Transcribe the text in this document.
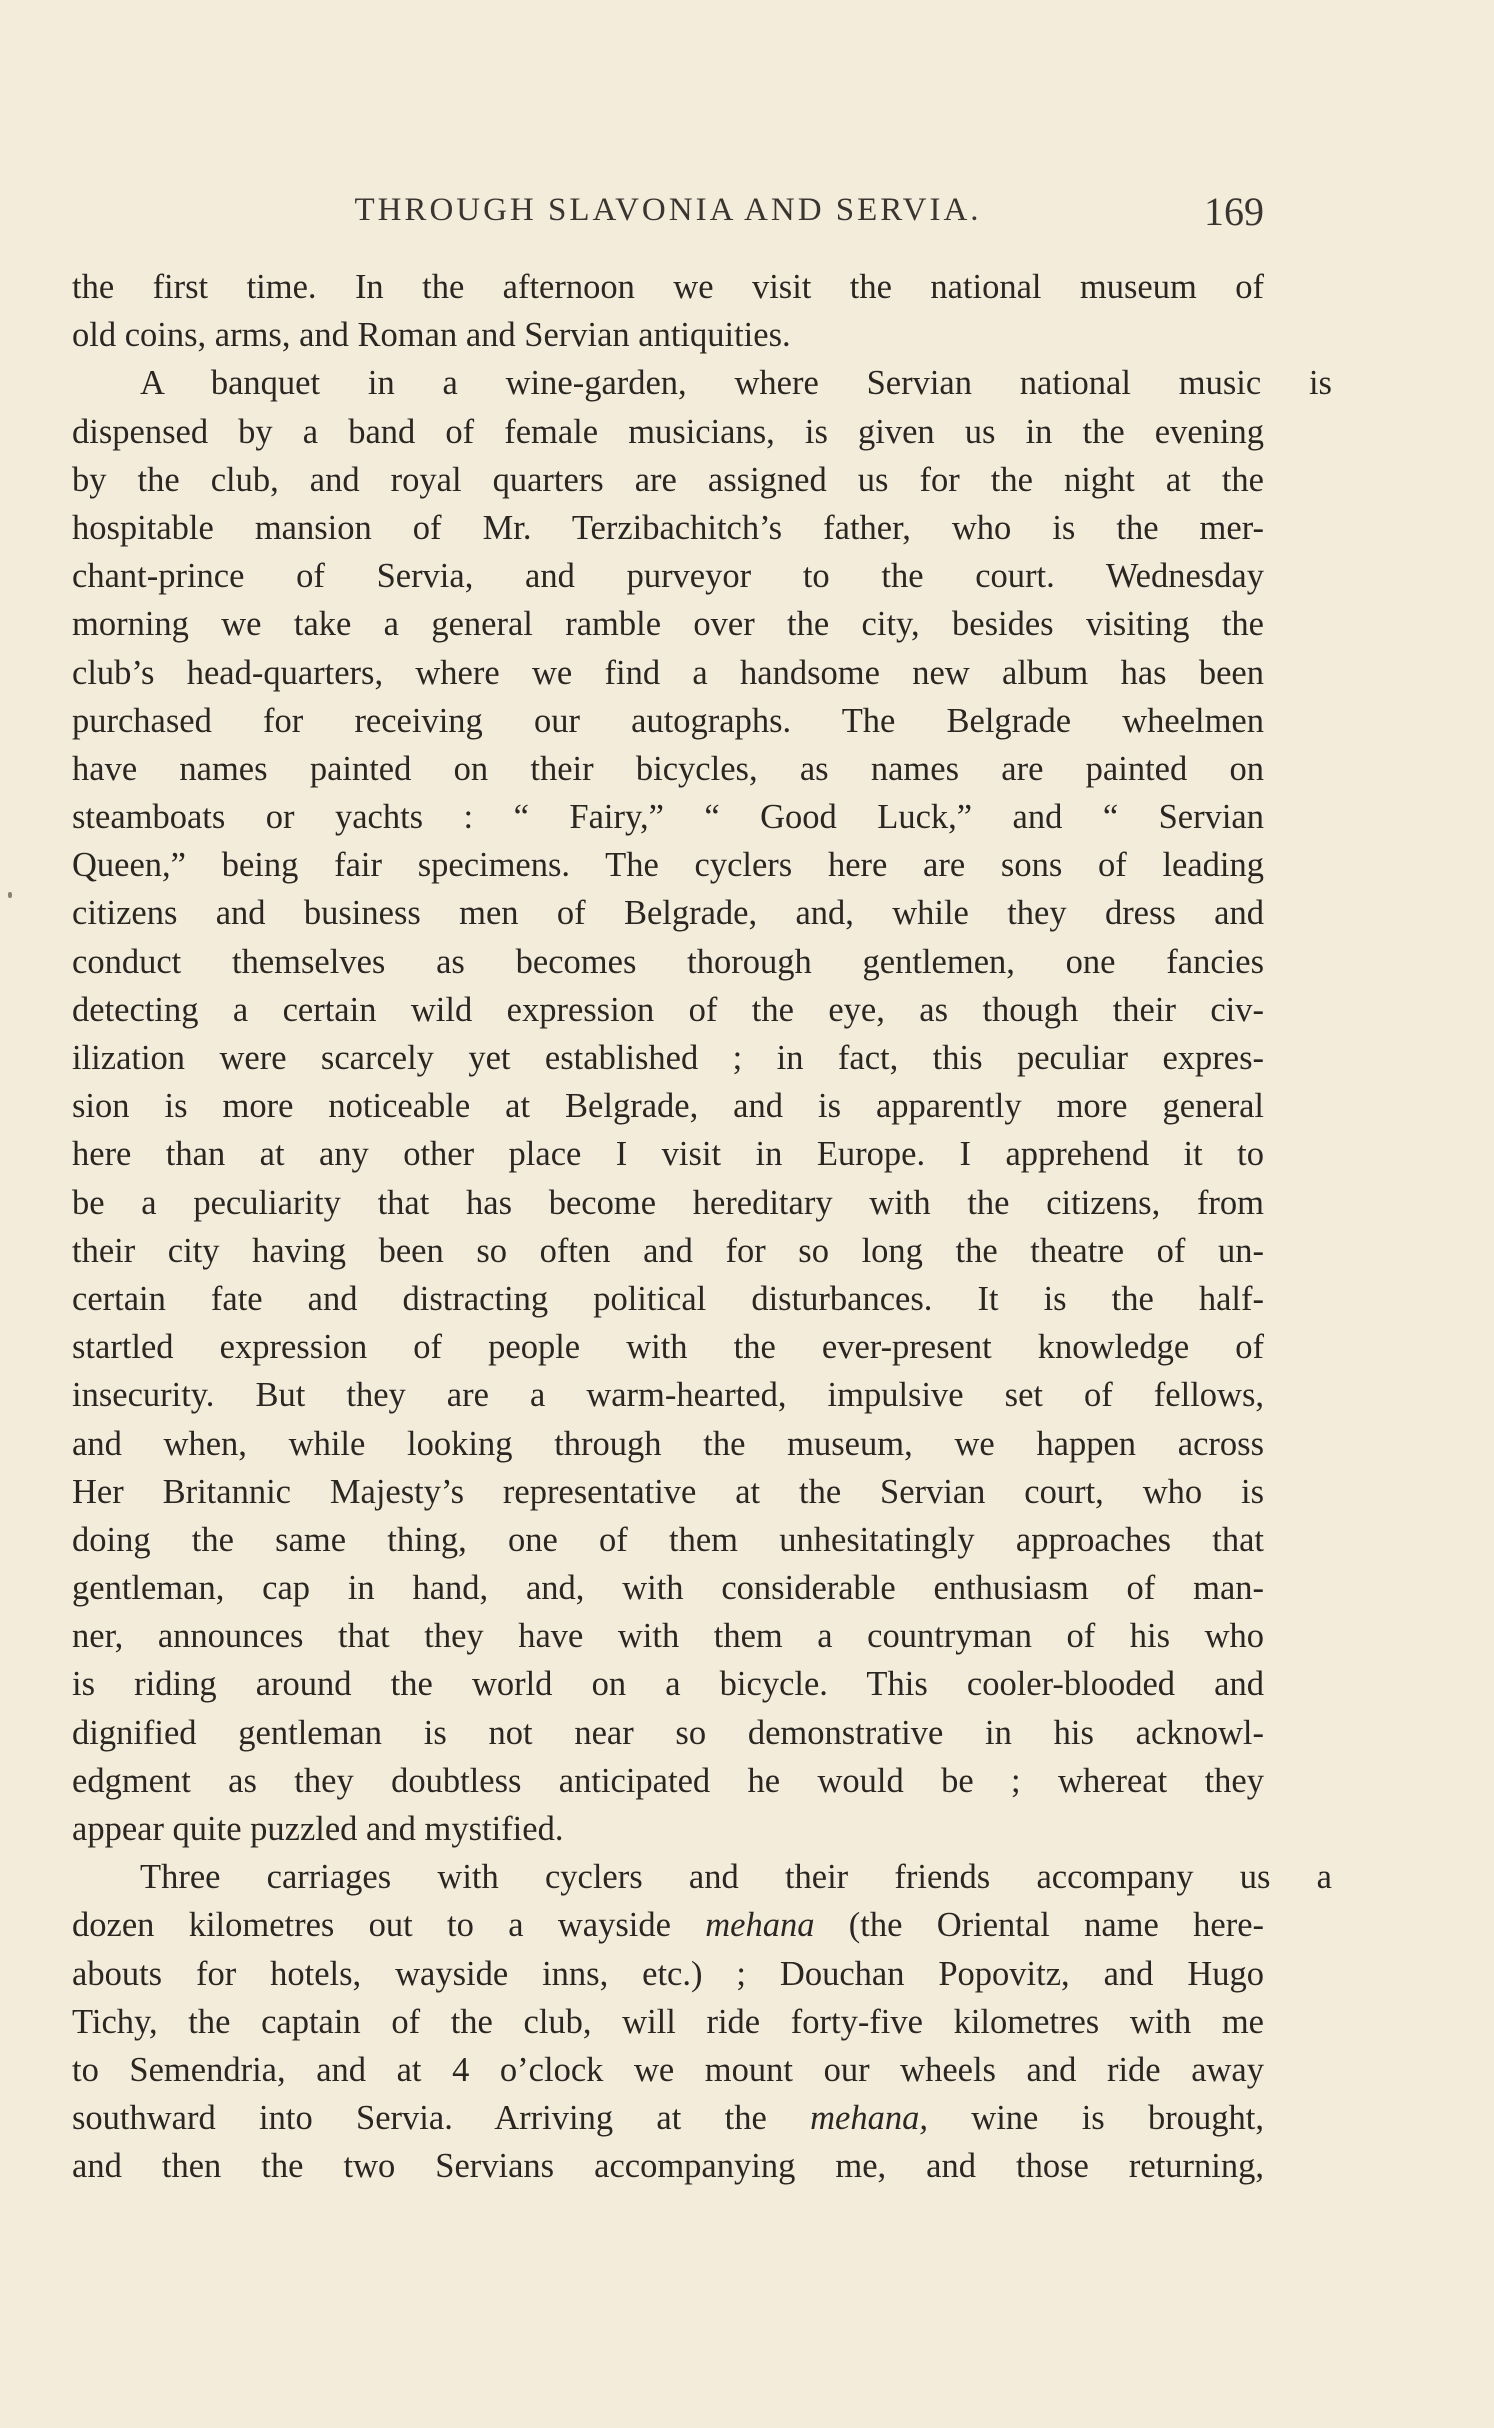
THROUGH SLAVONIA AND SERVIA.	169
the first time. In the afternoon we visit the national museum of
old coins, arms, and Roman and Servian antiquities.
A banquet in a wine-garden, where Servian national music is
dispensed by a band of female musicians, is given us in the evening
by the club, and royal quarters are assigned us for the night at the
hospitable mansion of Mr. Terzibachitch’s father, who is the mer-
chant-prince of Servia, and purveyor to the court. Wednesday
morning we take a general ramble over the city, besides visiting the
club’s head-quarters, where we find a handsome new album has been
purchased for receiving our autographs. The Belgrade wheelmen
have names painted on their bicycles, as names are painted on
steamboats or yachts : “ Fairy,” “ Good Luck,” and “ Servian
Queen,” being fair specimens. The cyclers here are sons of leading
citizens and business men of Belgrade, and, while they dress and
conduct themselves as becomes thorough gentlemen, one fancies
detecting a certain wild expression of the eye, as though their civ-
ilization were scarcely yet established ; in fact, this peculiar expres-
sion is more noticeable at Belgrade, and is apparently more general
here than at any other place I visit in Europe. I apprehend it to
be a peculiarity that has become hereditary with the citizens, from
their city having been so often and for so long the theatre of un-
certain fate and distracting political disturbances. It is the half-
startled expression of people with the ever-present knowledge of
insecurity. But they are a warm-hearted, impulsive set of fellows,
and when, while looking through the museum, we happen across
Her Britannic Majesty’s representative at the Servian court, who is
doing the same thing, one of them unhesitatingly approaches that
gentleman, cap in hand, and, with considerable enthusiasm of man-
ner, announces that they have with them a countryman of his who
is riding around the world on a bicycle. This cooler-blooded and
dignified gentleman is not near so demonstrative in his acknowl-
edgment as they doubtless anticipated he would be ; whereat they
appear quite puzzled and mystified.
Three carriages with cyclers and their friends accompany us a
dozen kilometres out to a wayside mehana (the Oriental name here-
abouts for hotels, wayside inns, etc.) ; Douchan Popovitz, and Hugo
Tichy, the captain of the club, will ride forty-five kilometres with me
to Semendria, and at 4 o’clock we mount our wheels and ride away
southward into Servia. Arriving at the mehana, wine is brought,
and then the two Servians accompanying me, and those returning,
